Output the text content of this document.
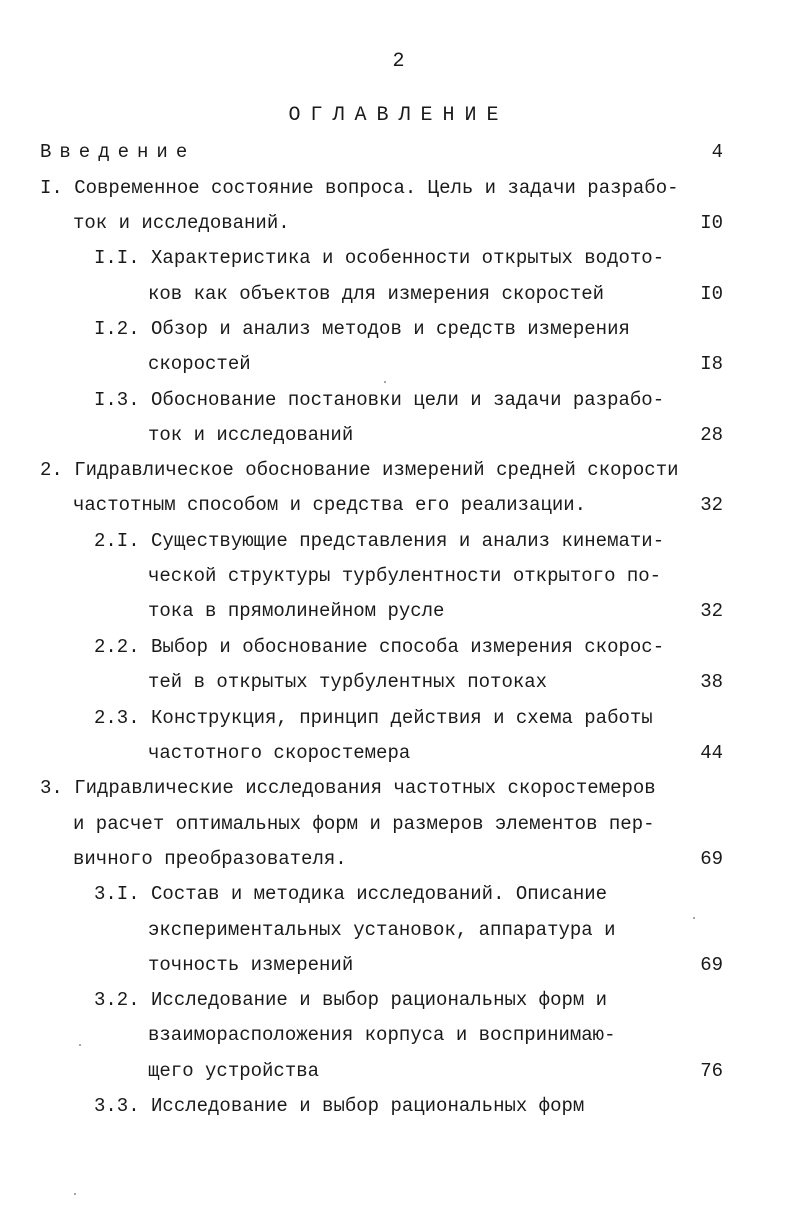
2
ОГЛАВЛЕНИЕ
Введение	4
I. Современное состояние вопроса. Цель и задачи разрабо-
ток и исследований.	I0
I.I. Характеристика и особенности открытых водото-
ков как объектов для измерения скоростей	I0
I.2. Обзор и анализ методов и средств измерения
скоростей	I8
I.3. Обоснование постановки цели и задачи разрабо-
ток и исследований	28
2. Гидравлическое обоснование измерений средней скорости
частотным способом и средства его реализации.	32
2.I. Существующие представления и анализ кинемати-
ческой структуры турбулентности открытого по-
тока в прямолинейном русле	32
2.2. Выбор и обоснование способа измерения скорос-
тей в открытых турбулентных потоках	38
2.3. Конструкция, принцип действия и схема работы
частотного скоростемера	44
3. Гидравлические исследования частотных скоростемеров
и расчет оптимальных форм и размеров элементов пер-
вичного преобразователя.	69
3.I. Состав и методика исследований. Описание
экспериментальных установок, аппаратура и
точность измерений	69
3.2. Исследование и выбор рациональных форм и
взаиморасположения корпуса и воспринимаю-
щего устройства	76
3.3. Исследование и выбор рациональных форм
